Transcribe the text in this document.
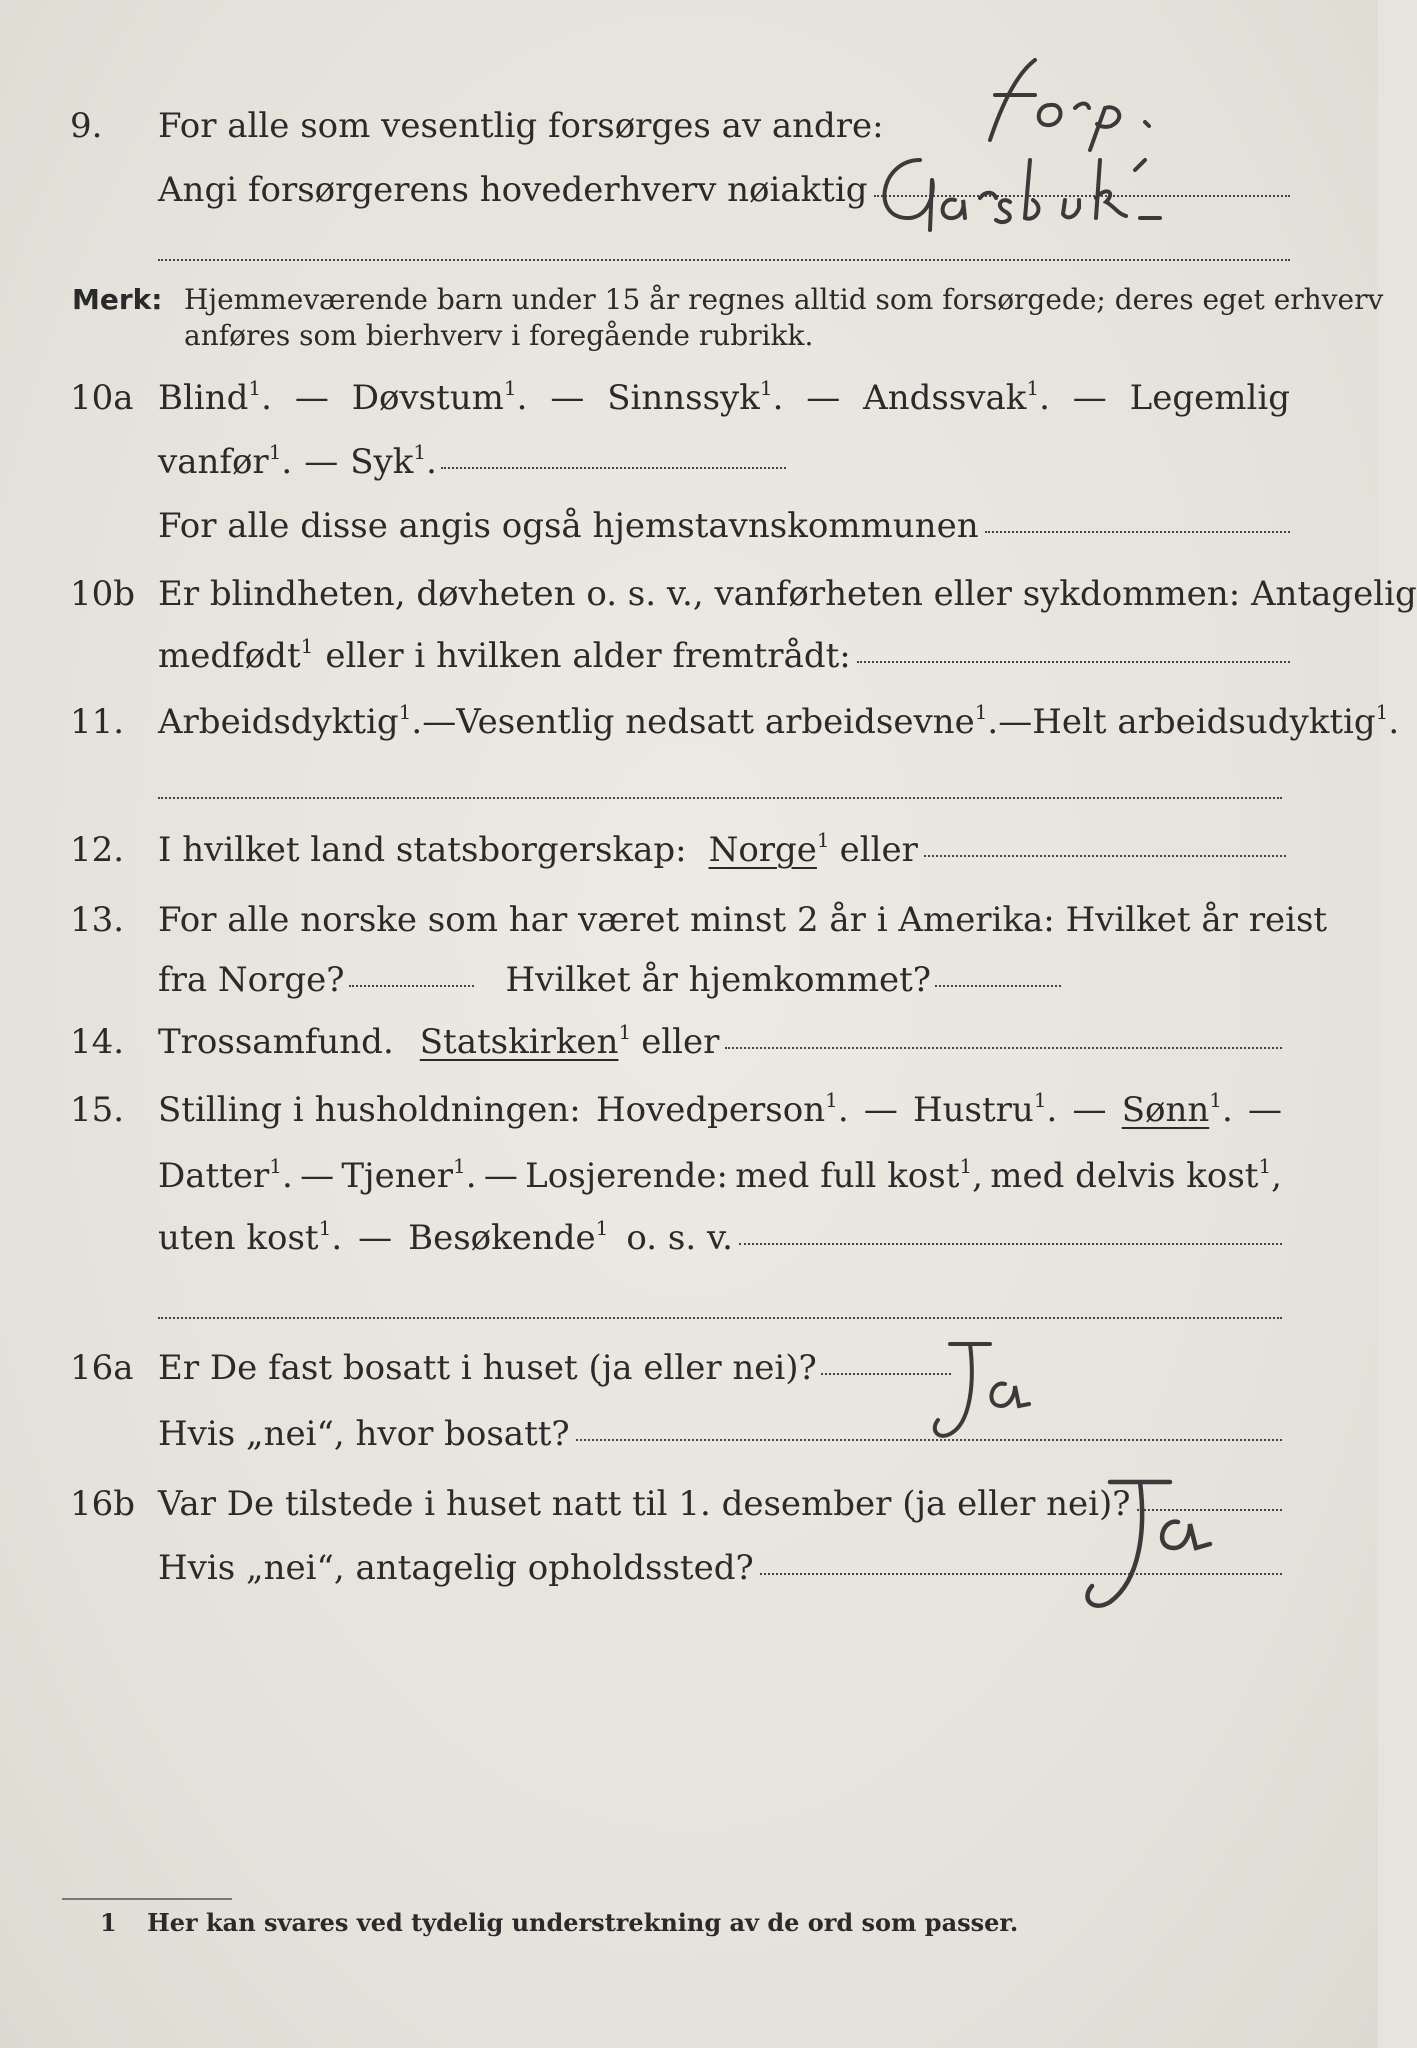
9. For alle som vesentlig forsørges av andre:
Angi forsørgerens hovederhverv nøiaktig
Merk: Hjemmeværende barn under 15 år regnes alltid som forsørgede; deres eget erhverv
anføres som bierhverv i foregående rubrikk.
10a Blind$^1$. — Døvstum$^1$. — Sinnssyk$^1$. — Andssvak$^1$. — Legemlig
vanfør$^1$. — Syk$^1$.
For alle disse angis også hjemstavnskommunen
10b Er blindheten, døvheten o. s. v., vanførheten eller sykdommen: Antagelig
medfødt$^1$ eller i hvilken alder fremtrådt:
11. Arbeidsdyktig$^1$. — Vesentlig nedsatt arbeidsevne$^1$. — Helt arbeidsudyktig$^1$.
12. I hvilket land statsborgerskap: Norge$^1$ eller
13. For alle norske som har været minst 2 år i Amerika: Hvilket år reist
fra Norge?	Hvilket år hjemkommet?
14. Trossamfund. Statskirken$^1$ eller
15. Stilling i husholdningen: Hovedperson$^1$. — Hustru$^1$. — Sønn$^1$. —
Datter$^1$. — Tjener$^1$. — Losjerende: med full kost$^1$, med delvis kost$^1$,
uten kost$^1$. — Besøkende$^1$ o. s. v.
16a Er De fast bosatt i huset (ja eller nei)?
Hvis „nei“, hvor bosatt?
16b Var De tilstede i huset natt til 1. desember (ja eller nei)?
Hvis „nei“, antagelig opholdssted?
1 Her kan svares ved tydelig understrekning av de ord som passer.
